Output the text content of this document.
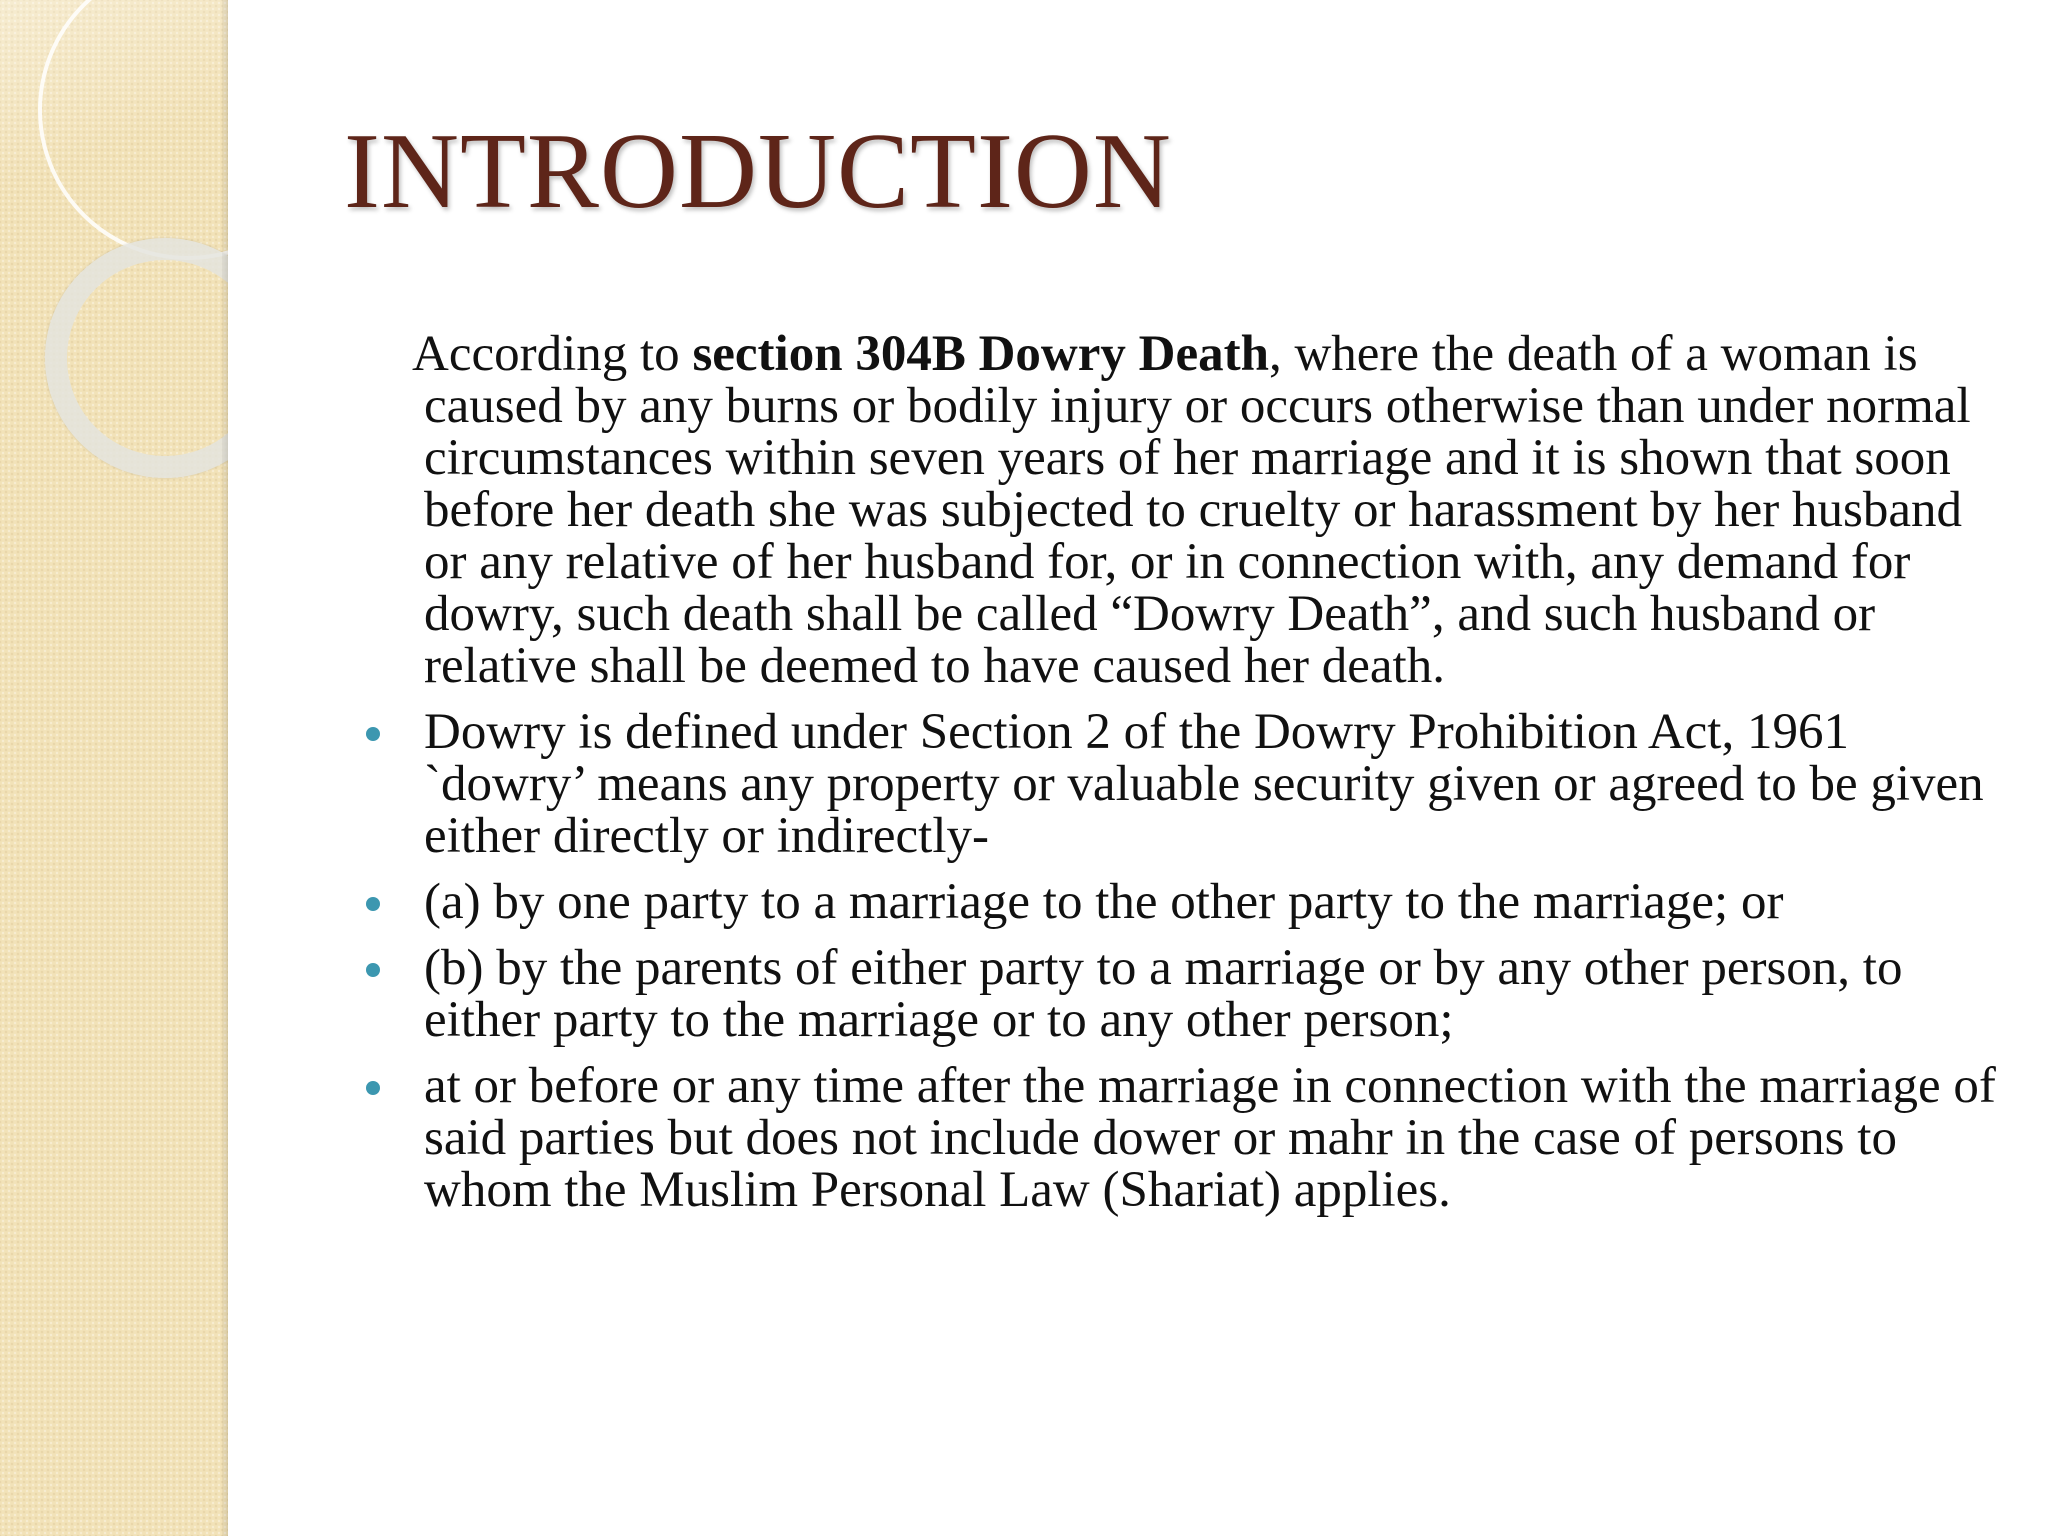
INTRODUCTION

According to section 304B Dowry Death, where the death of a woman is caused by any burns or bodily injury or occurs otherwise than under normal circumstances within seven years of her marriage and it is shown that soon before her death she was subjected to cruelty or harassment by her husband or any relative of her husband for, or in connection with, any demand for dowry, such death shall be called “Dowry Death”, and such husband or relative shall be deemed to have caused her death.

Dowry is defined under Section 2 of the Dowry Prohibition Act, 1961 `dowry’ means any property or valuable security given or agreed to be given either directly or indirectly-
(a) by one party to a marriage to the other party to the marriage; or
(b) by the parents of either party to a marriage or by any other person, to either party to the marriage or to any other person;
at or before or any time after the marriage in connection with the marriage of said parties but does not include dower or mahr in the case of persons to whom the Muslim Personal Law (Shariat) applies.
